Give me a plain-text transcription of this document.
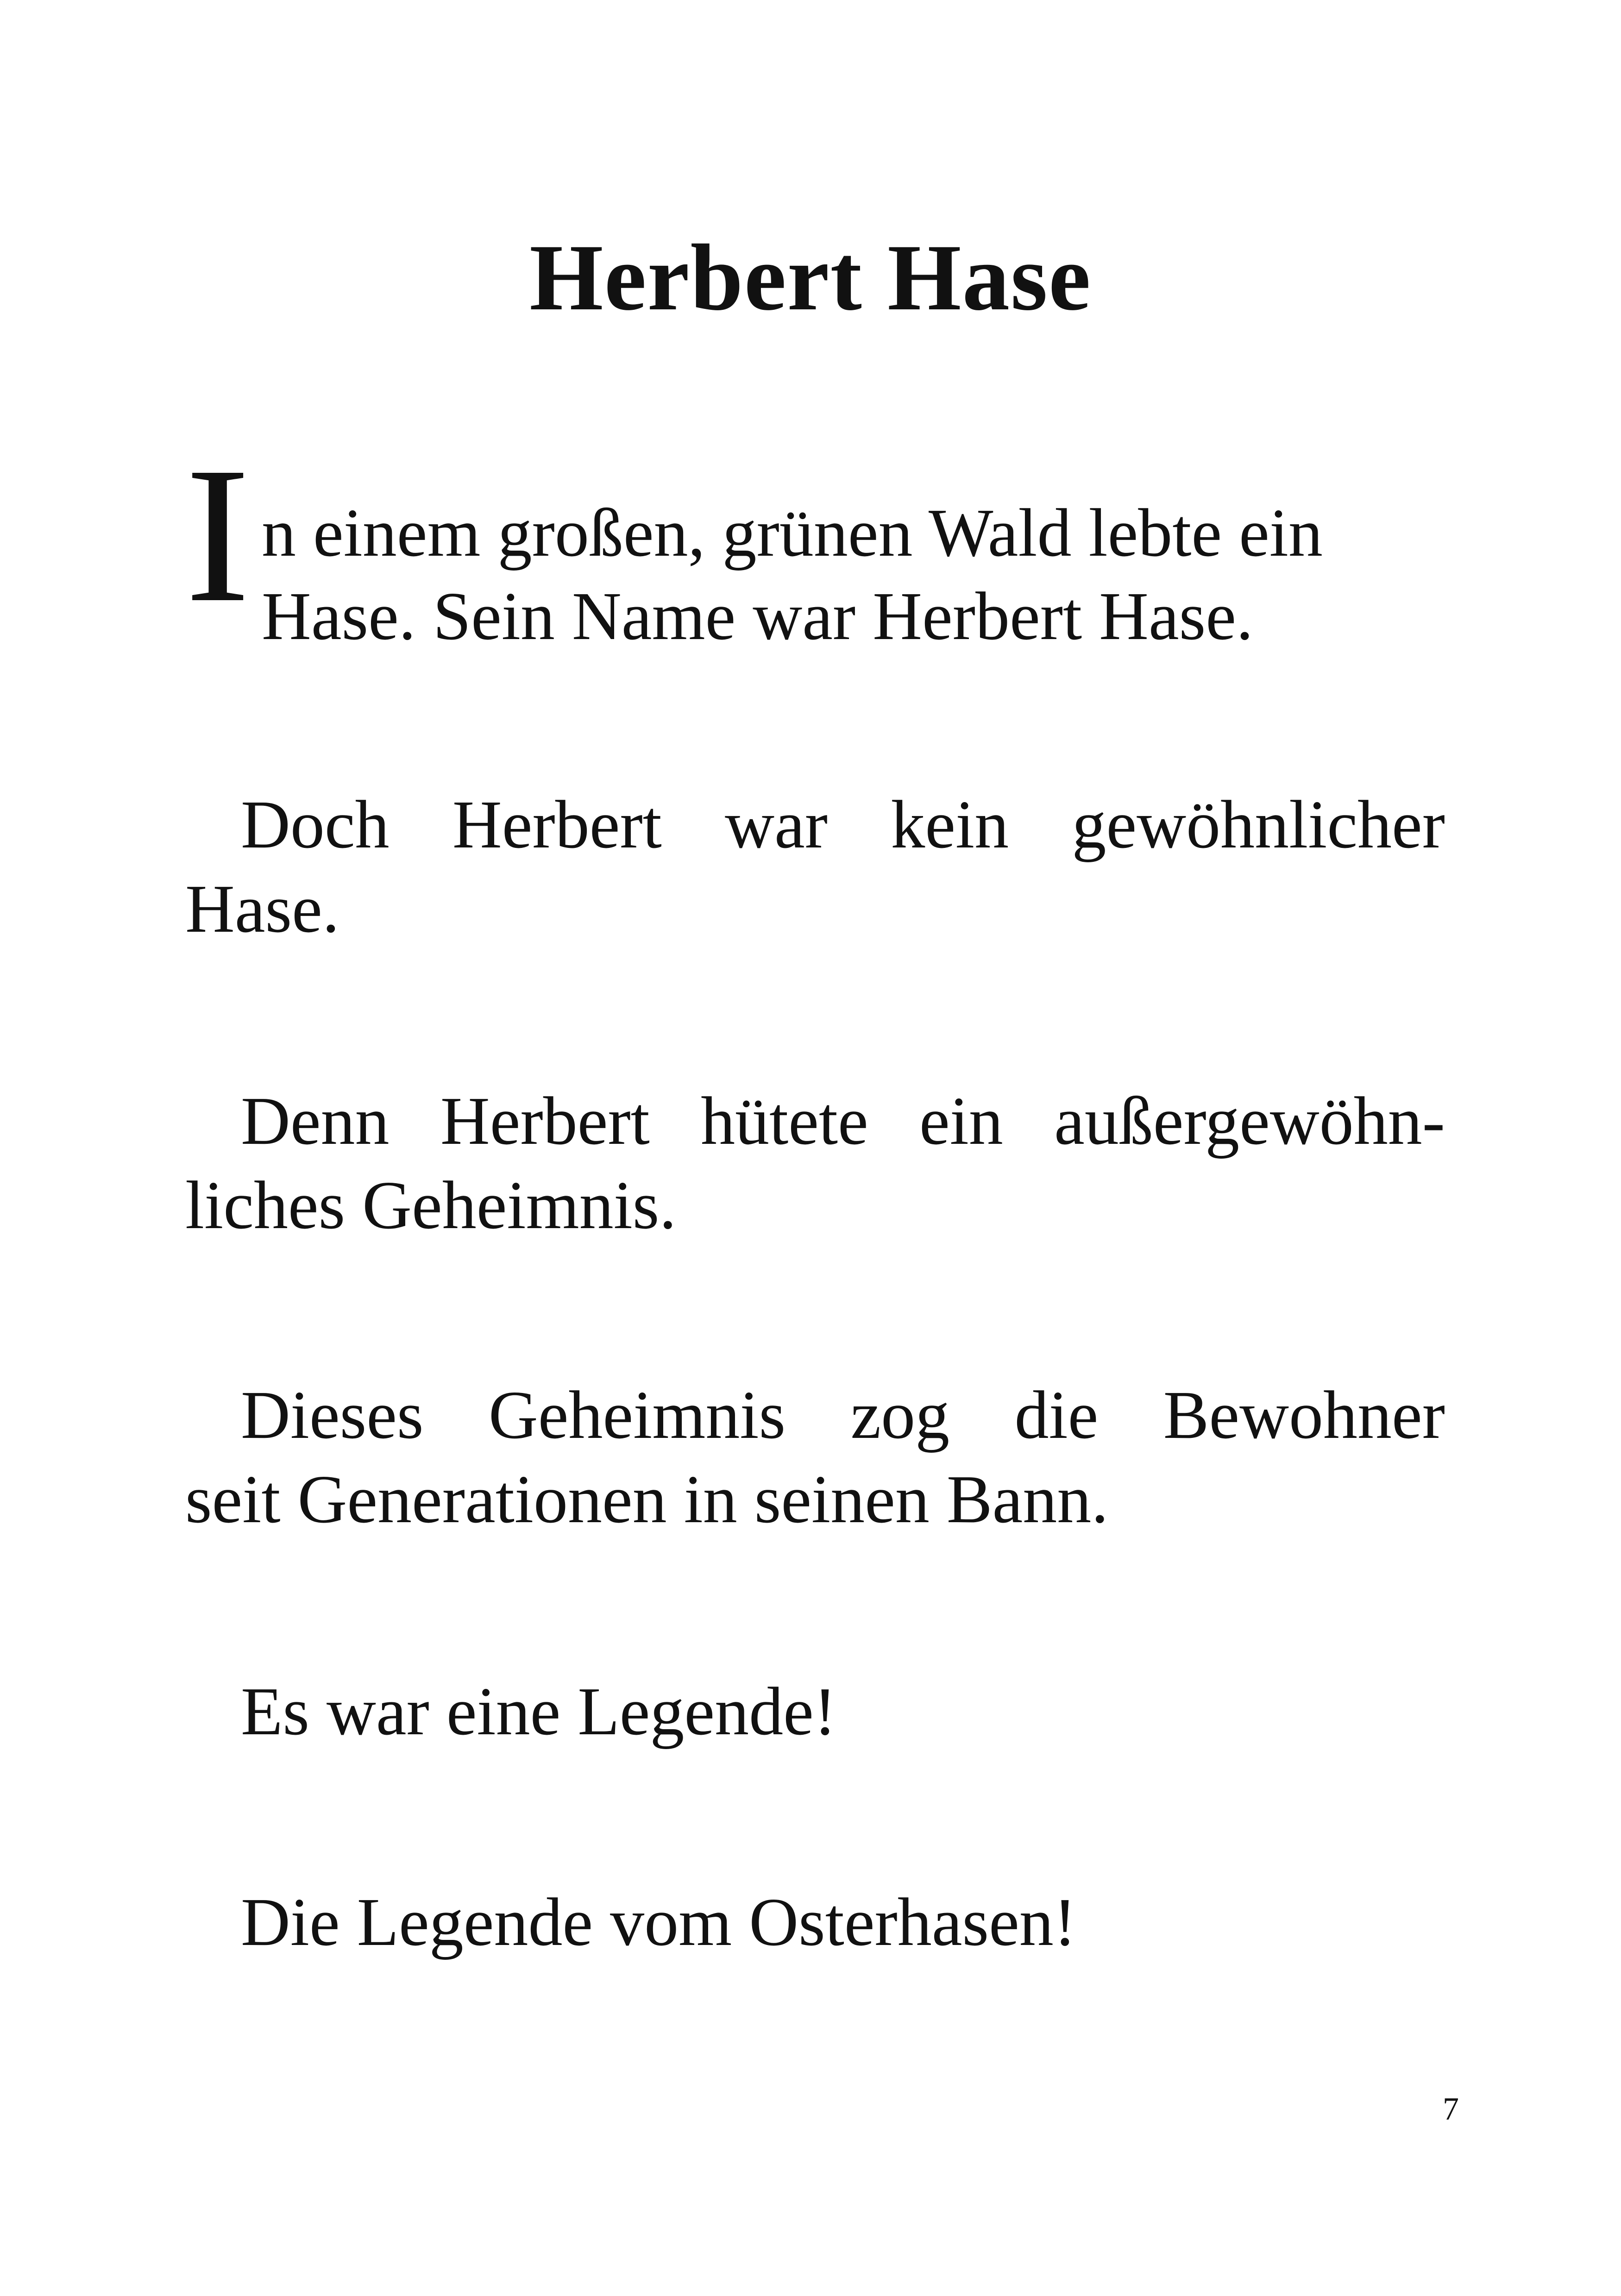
Herbert Hase
I n einem großen, grünen Wald lebte ein
Hase. Sein Name war Herbert Hase.
Doch Herbert war kein gewöhnlicher
Hase.
Denn Herbert hütete ein außergewöhn-
liches Geheimnis.
Dieses Geheimnis zog die Bewohner
seit Generationen in seinen Bann.
Es war eine Legende!
Die Legende vom Osterhasen!
7
